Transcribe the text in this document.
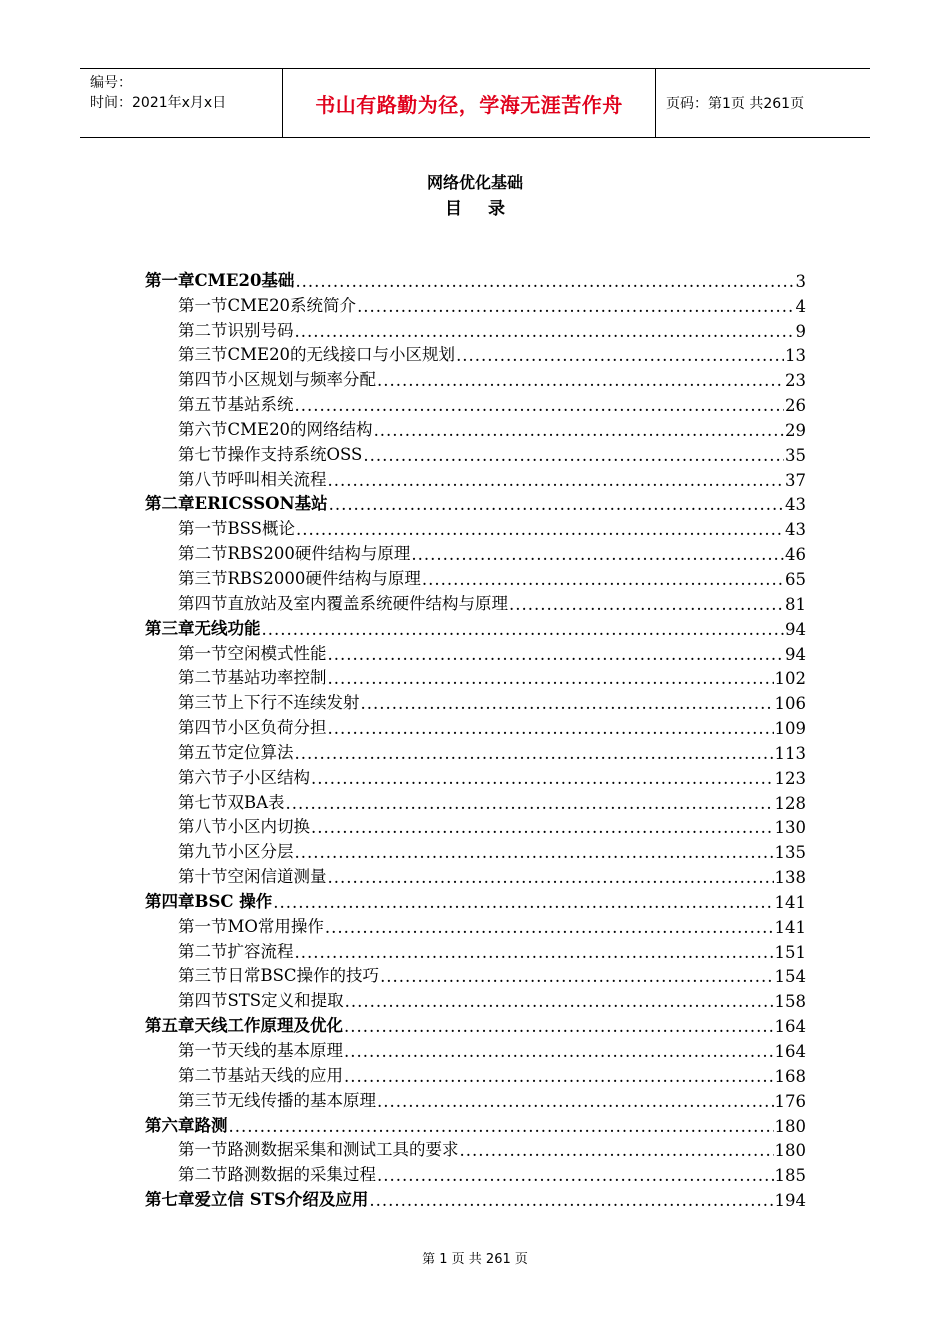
编号：
时间：2021年x月x日	书山有路勤为径，学海无涯苦作舟	页码：第1页 共261页
网络优化基础
目 录
第一章 CME20基础 .....	3
第一节 CME20系统简介 .....	4
第二节 识别号码 .....	9
第三节 CME20的无线接口与小区规划 .....	13
第四节 小区规划与频率分配 .....	23
第五节 基站系统 .....	26
第六节 CME20的网络结构 .....	29
第七节 操作支持系统OSS .....	35
第八节 呼叫相关流程 .....	37
第二章 ERICSSON基站 .....	43
第一节 BSS概论 .....	43
第二节 RBS200硬件结构与原理 .....	46
第三节 RBS2000硬件结构与原理 .....	65
第四节 直放站及室内覆盖系统硬件结构与原理 .....	81
第三章 无线功能 .....	94
第一节 空闲模式性能 .....	94
第二节 基站功率控制 .....	102
第三节 上下行不连续发射 .....	106
第四节 小区负荷分担 .....	109
第五节 定位算法 .....	113
第六节 子小区结构 .....	123
第七节 双BA表 .....	128
第八节 小区内切换 .....	130
第九节 小区分层 .....	135
第十节 空闲信道测量 .....	138
第四章 BSC 操作 .....	141
第一节 MO常用操作 .....	141
第二节 扩容流程 .....	151
第三节 日常BSC操作的技巧 .....	154
第四节 STS定义和提取 .....	158
第五章 天线工作原理及优化 .....	164
第一节 天线的基本原理 .....	164
第二节 基站天线的应用 .....	168
第三节 无线传播的基本原理 .....	176
第六章 路测 .....	180
第一节 路测数据采集和测试工具的要求 .....	180
第二节 路测数据的采集过程 .....	185
第七章 爱立信 STS介绍及应用 .....	194
第 1 页 共 261 页
